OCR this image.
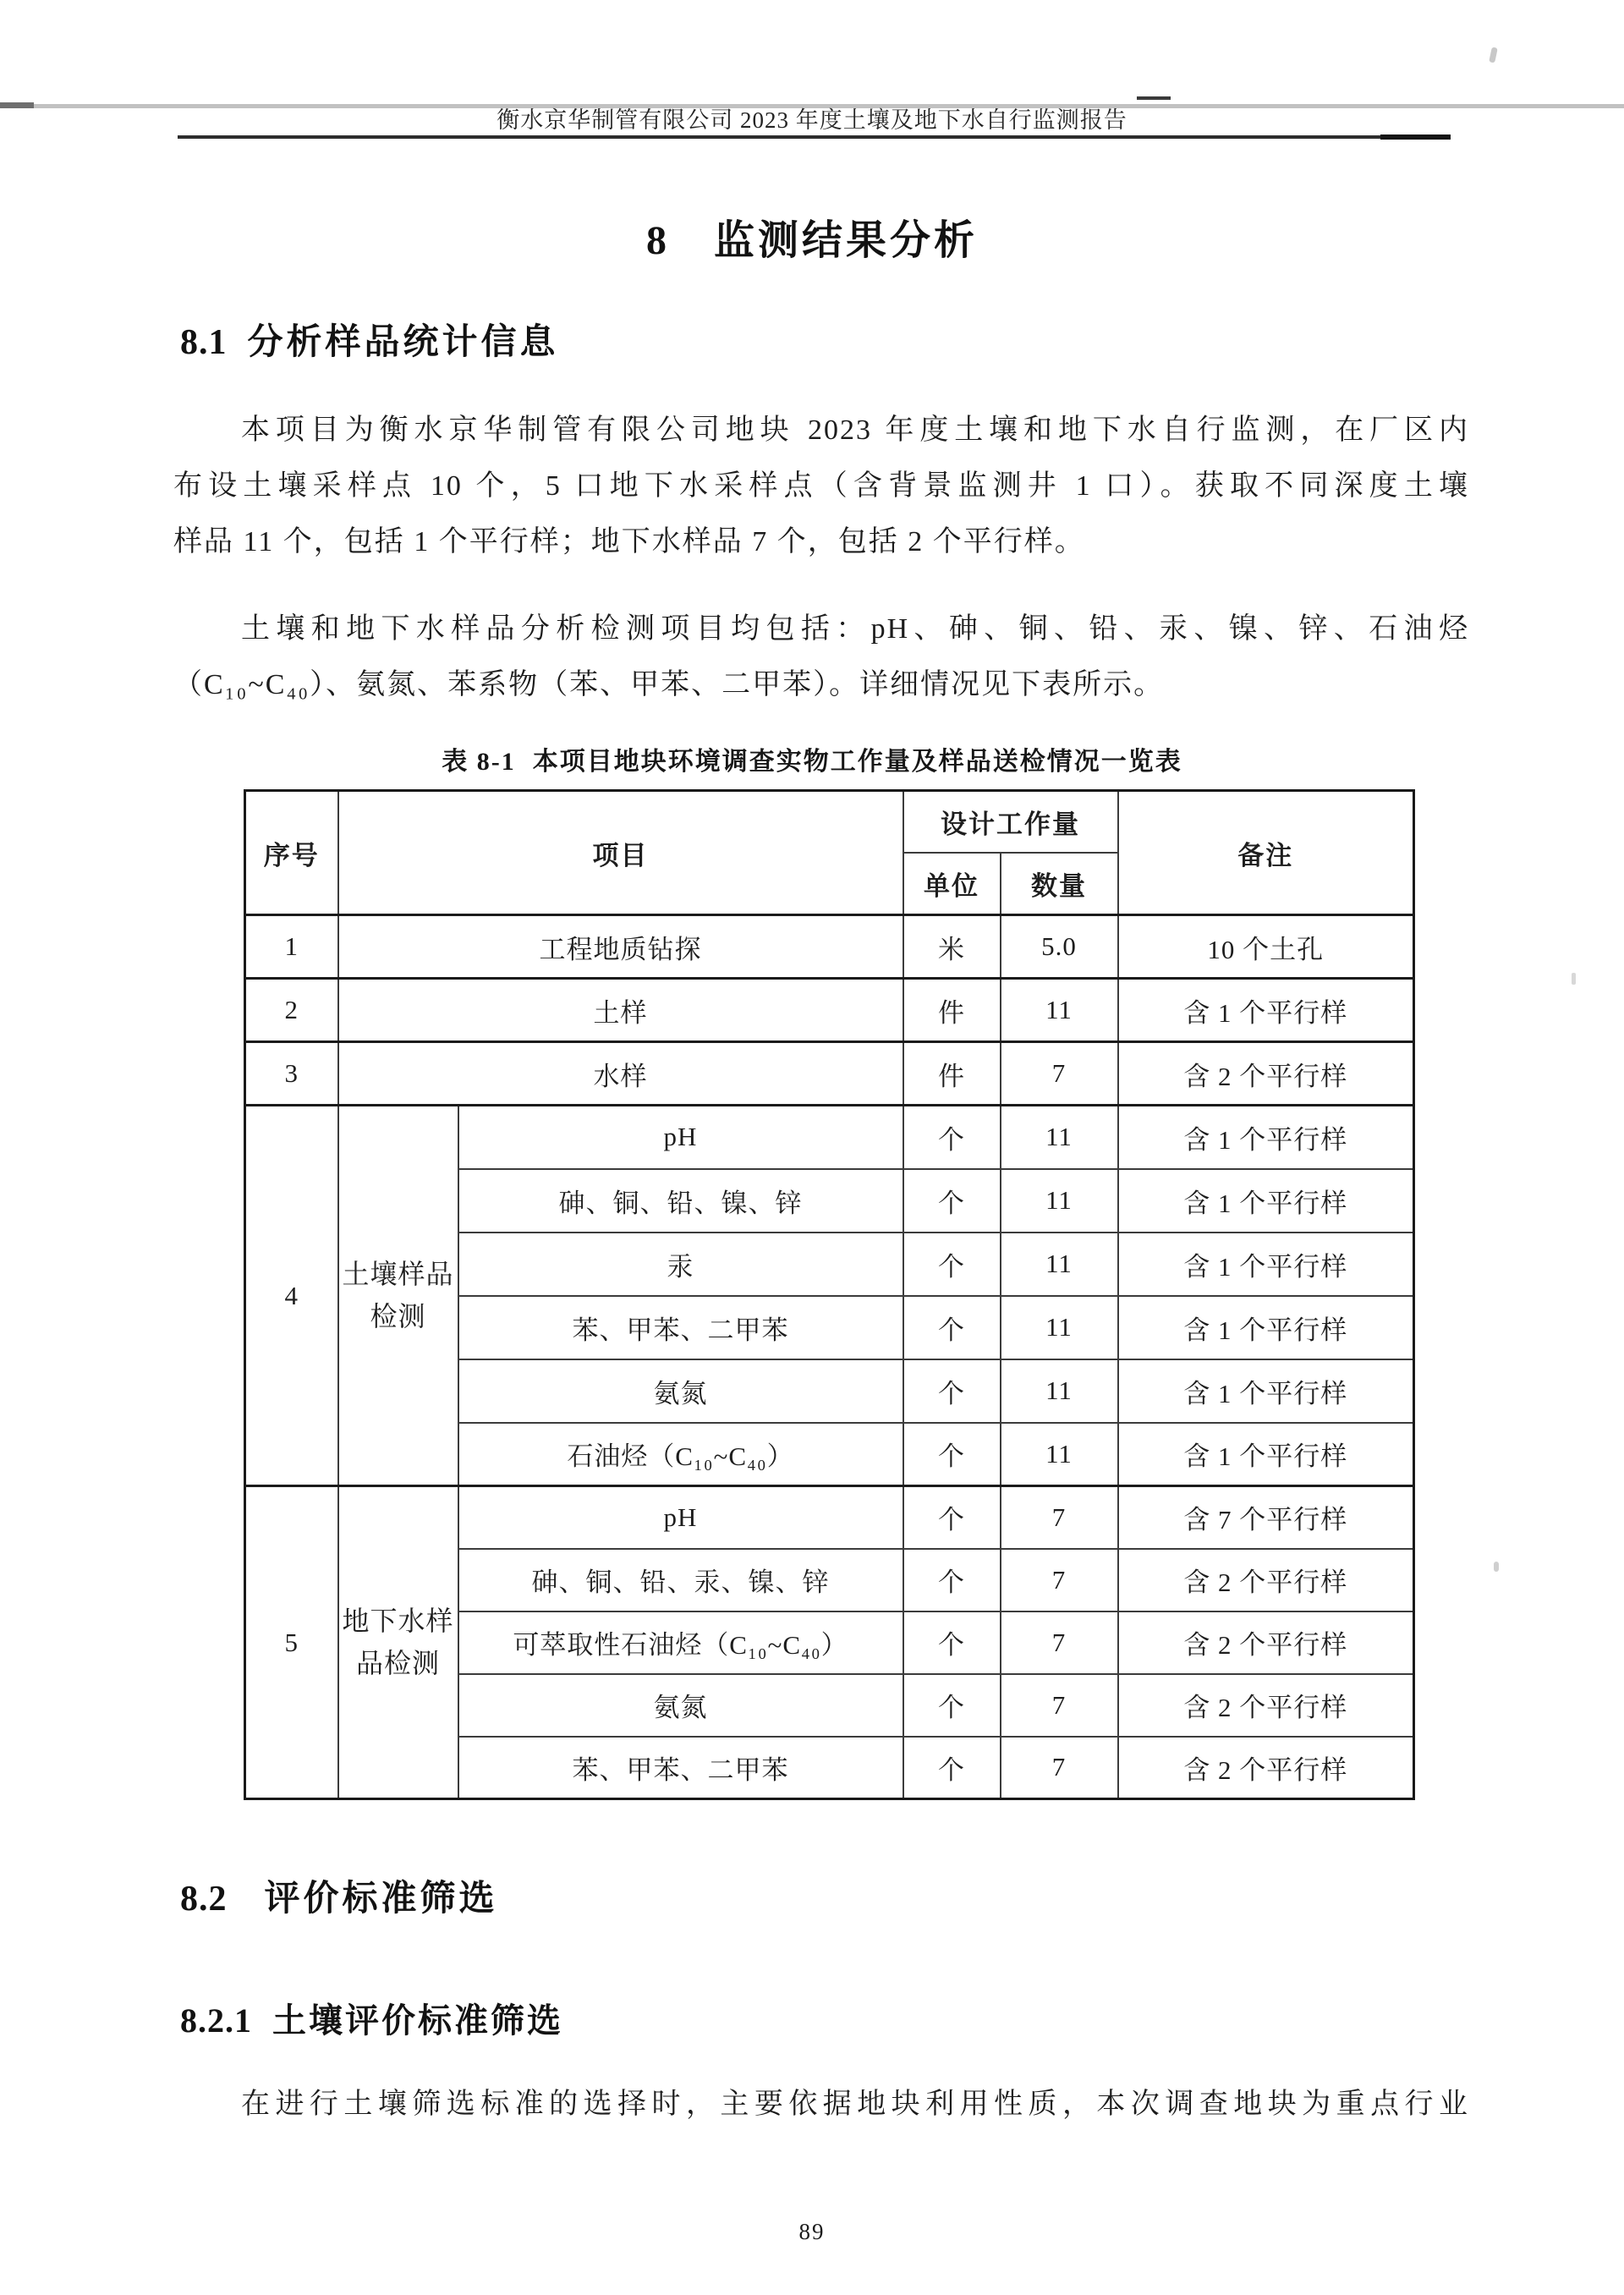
衡水京华制管有限公司 2023 年度土壤及地下水自行监测报告
8 监测结果分析
8.1 分析样品统计信息
本项目为衡水京华制管有限公司地块 2023 年度土壤和地下水自行监测，在厂区内
布设土壤采样点 10 个，5 口地下水采样点（含背景监测井 1 口）。获取不同深度土壤
样品 11 个，包括 1 个平行样；地下水样品 7 个，包括 2 个平行样。
土壤和地下水样品分析检测项目均包括：pH、砷、铜、铅、汞、镍、锌、石油烃
（C₁₀~C₄₀）、氨氮、苯系物（苯、甲苯、二甲苯）。详细情况见下表所示。
表 8-1 本项目地块环境调查实物工作量及样品送检情况一览表
序号	项目		设计工作量		备注
			单位	数量	
1	工程地质钻探		米	5.0	10 个土孔
2	土样		件	11	含 1 个平行样
3	水样		件	7	含 2 个平行样
4	土壤样品检测	pH	个	11	含 1 个平行样
		砷、铜、铅、镍、锌	个	11	含 1 个平行样
		汞	个	11	含 1 个平行样
		苯、甲苯、二甲苯	个	11	含 1 个平行样
		氨氮	个	11	含 1 个平行样
		石油烃（C₁₀~C₄₀）	个	11	含 1 个平行样
5	地下水样品检测	pH	个	7	含 7 个平行样
		砷、铜、铅、汞、镍、锌	个	7	含 2 个平行样
		可萃取性石油烃（C₁₀~C₄₀）	个	7	含 2 个平行样
		氨氮	个	7	含 2 个平行样
		苯、甲苯、二甲苯	个	7	含 2 个平行样
8.2 评价标准筛选
8.2.1 土壤评价标准筛选
在进行土壤筛选标准的选择时，主要依据地块利用性质，本次调查地块为重点行业
89
